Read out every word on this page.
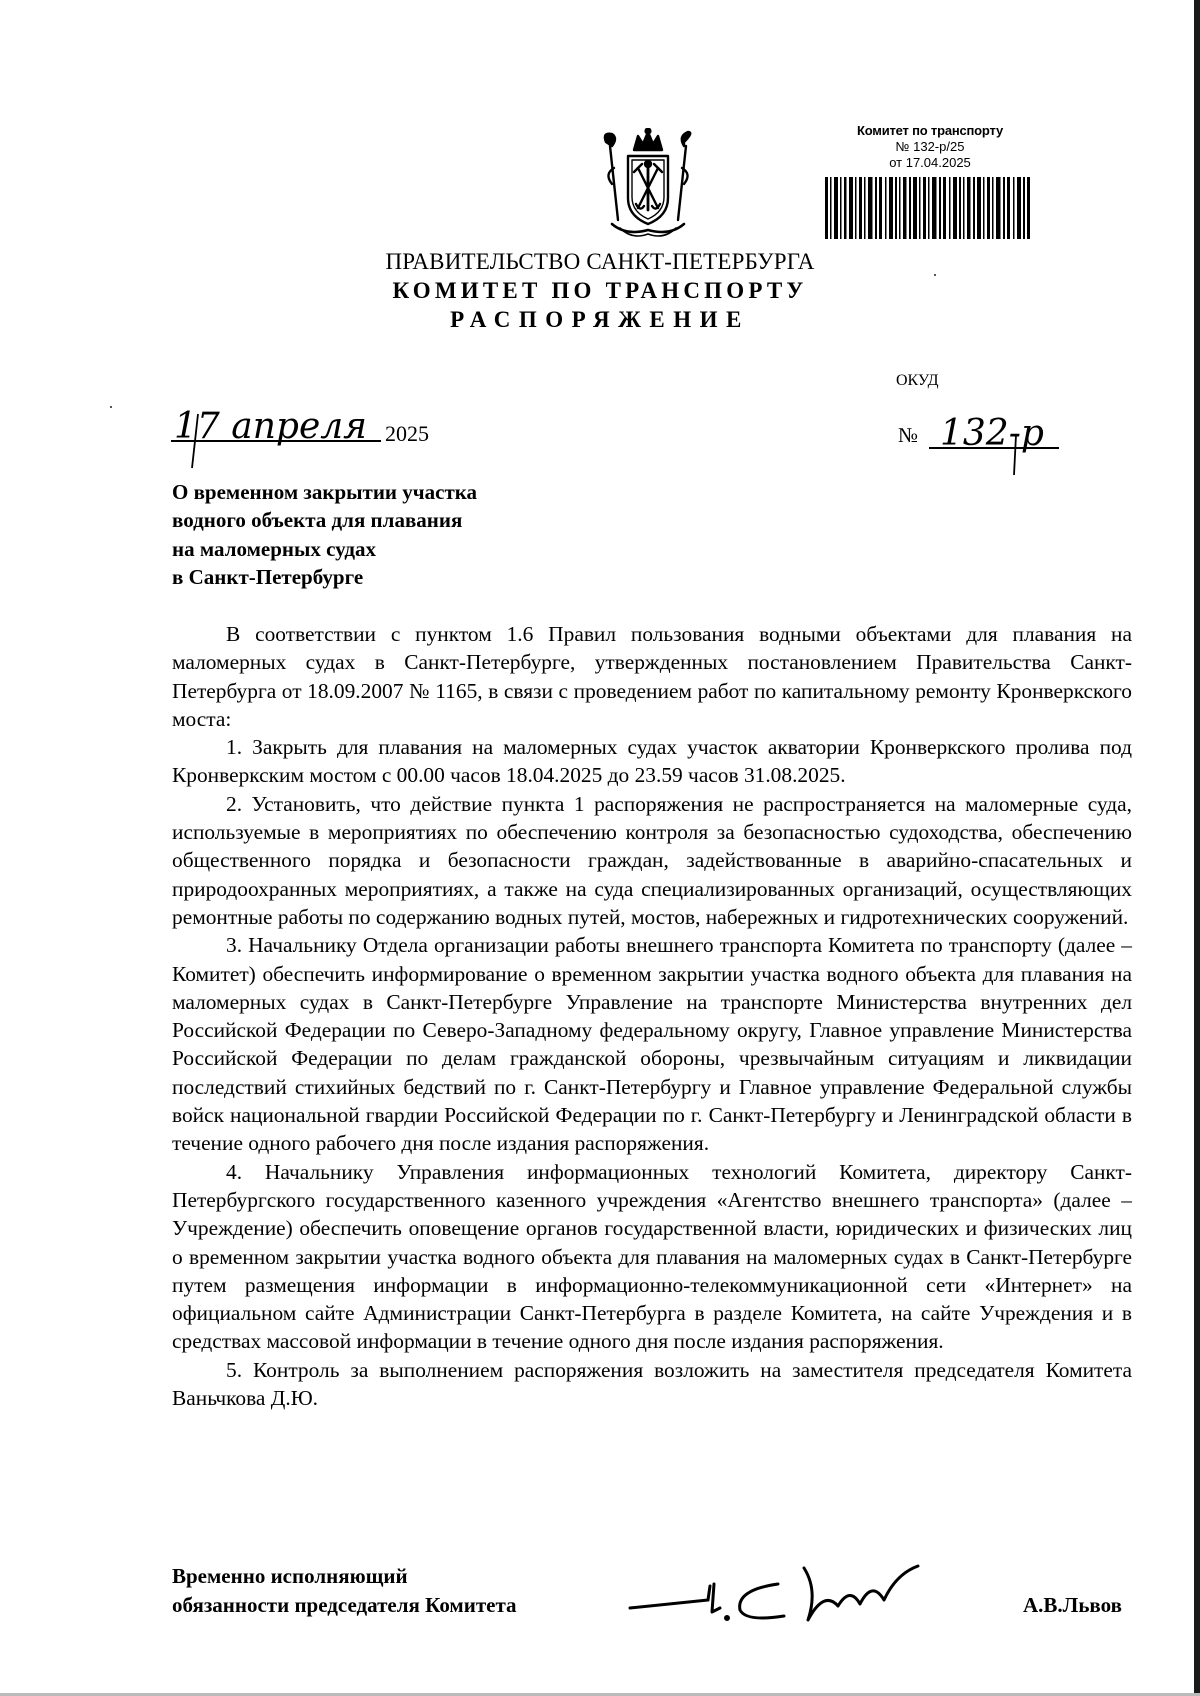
Комитет по транспорту
№ 132-р/25
от 17.04.2025
ПРАВИТЕЛЬСТВО САНКТ-ПЕТЕРБУРГА
КОМИТЕТ ПО ТРАНСПОРТУ
РАСПОРЯЖЕНИЕ
ОКУД
17 апреля 2025	№ 132-р
О временном закрытии участка
водного объекта для плавания
на маломерных судах
в Санкт-Петербурге

В соответствии с пунктом 1.6 Правил пользования водными объектами для плавания на маломерных судах в Санкт-Петербурге, утвержденных постановлением Правительства Санкт-Петербурга от 18.09.2007 № 1165, в связи с проведением работ по капитальному ремонту Кронверкского моста:

1. Закрыть для плавания на маломерных судах участок акватории Кронверкского пролива под Кронверкским мостом с 00.00 часов 18.04.2025 до 23.59 часов 31.08.2025.

2. Установить, что действие пункта 1 распоряжения не распространяется на маломерные суда, используемые в мероприятиях по обеспечению контроля за безопасностью судоходства, обеспечению общественного порядка и безопасности граждан, задействованные в аварийно-спасательных и природоохранных мероприятиях, а также на суда специализированных организаций, осуществляющих ремонтные работы по содержанию водных путей, мостов, набережных и гидротехнических сооружений.

3. Начальнику Отдела организации работы внешнего транспорта Комитета по транспорту (далее – Комитет) обеспечить информирование о временном закрытии участка водного объекта для плавания на маломерных судах в Санкт-Петербурге Управление на транспорте Министерства внутренних дел Российской Федерации по Северо-Западному федеральному округу, Главное управление Министерства Российской Федерации по делам гражданской обороны, чрезвычайным ситуациям и ликвидации последствий стихийных бедствий по г. Санкт-Петербургу и Главное управление Федеральной службы войск национальной гвардии Российской Федерации по г. Санкт-Петербургу и Ленинградской области в течение одного рабочего дня после издания распоряжения.

4. Начальнику Управления информационных технологий Комитета, директору Санкт-Петербургского государственного казенного учреждения «Агентство внешнего транспорта» (далее – Учреждение) обеспечить оповещение органов государственной власти, юридических и физических лиц о временном закрытии участка водного объекта для плавания на маломерных судах в Санкт-Петербурге путем размещения информации в информационно-телекоммуникационной сети «Интернет» на официальном сайте Администрации Санкт-Петербурга в разделе Комитета, на сайте Учреждения и в средствах массовой информации в течение одного дня после издания распоряжения.

5. Контроль за выполнением распоряжения возложить на заместителя председателя Комитета Ваньчкова Д.Ю.

Временно исполняющий
обязанности председателя Комитета	А.В.Львов
